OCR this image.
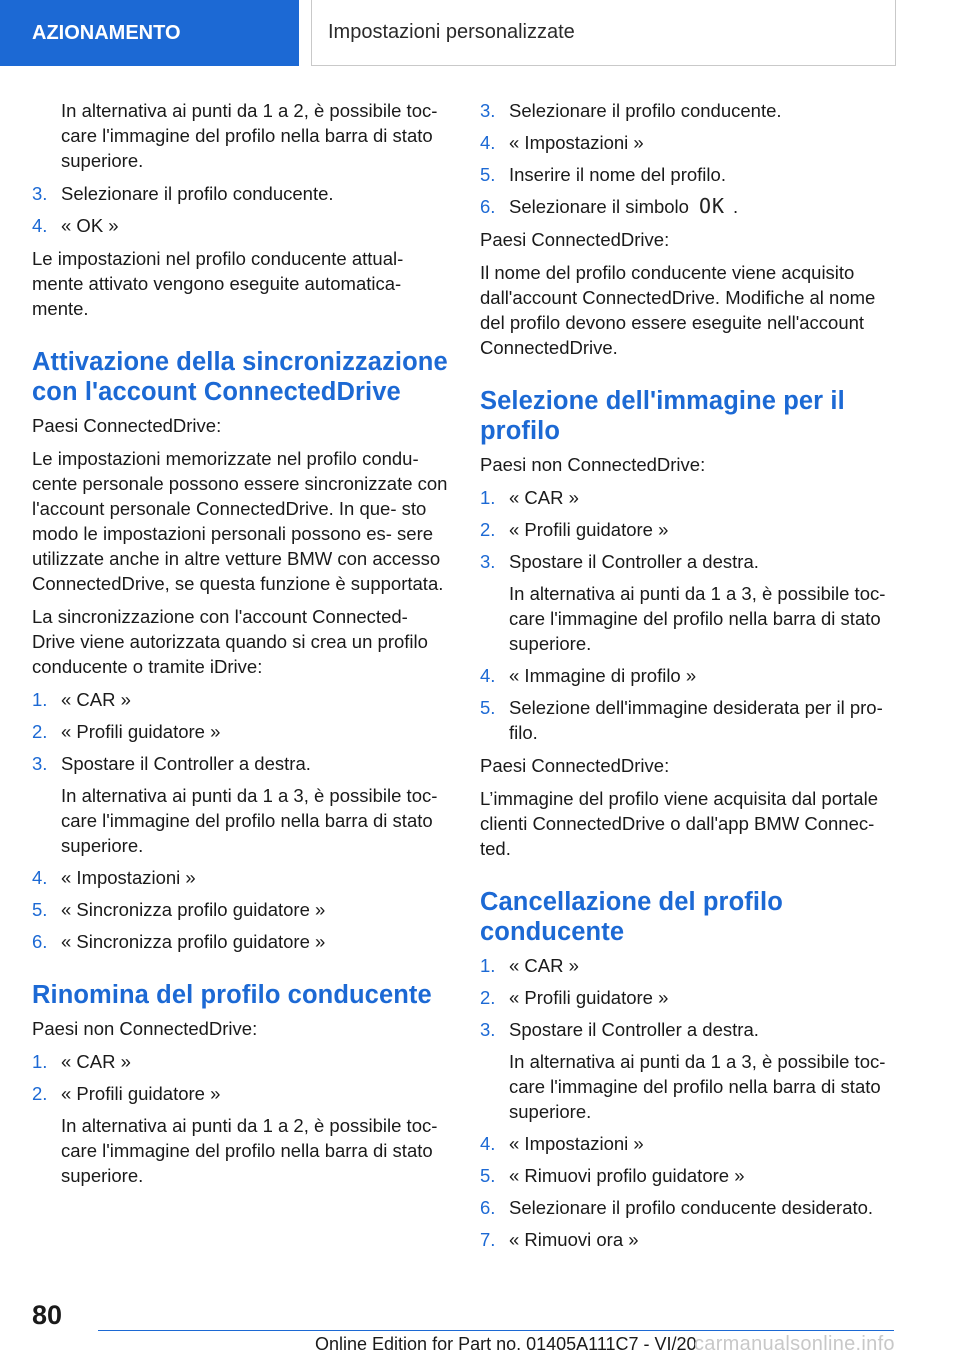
AZIONAMENTO	Impostazioni personalizzate

In alternativa ai punti da 1 a 2, è possibile toc- care l'immagine del profilo nella barra di stato superiore.

3. Selezionare il profilo conducente.
4. « OK »

Le impostazioni nel profilo conducente attual- mente attivato vengono eseguite automatica- mente.

Attivazione della sincronizzazione con l'account ConnectedDrive

Paesi ConnectedDrive:

Le impostazioni memorizzate nel profilo condu- cente personale possono essere sincronizzate con l'account personale ConnectedDrive. In que- sto modo le impostazioni personali possono es- sere utilizzate anche in altre vetture BMW con accesso ConnectedDrive, se questa funzione è supportata.

La sincronizzazione con l'account Connected- Drive viene autorizzata quando si crea un profilo conducente o tramite iDrive:

1. « CAR »
2. « Profili guidatore »
3. Spostare il Controller a destra.
In alternativa ai punti da 1 a 3, è possibile toc- care l'immagine del profilo nella barra di stato superiore.
4. « Impostazioni »
5. « Sincronizza profilo guidatore »
6. « Sincronizza profilo guidatore »
Rinomina del profilo conducente

Paesi non ConnectedDrive:

1. « CAR »
2. « Profili guidatore »
In alternativa ai punti da 1 a 2, è possibile toc- care l'immagine del profilo nella barra di stato superiore.
3. Selezionare il profilo conducente.
4. « Impostazioni »
5. Inserire il nome del profilo.
6. Selezionare il simbolo OK .

Paesi ConnectedDrive:

Il nome del profilo conducente viene acquisito dall'account ConnectedDrive. Modifiche al nome del profilo devono essere eseguite nell'account ConnectedDrive.

Selezione dell'immagine per il profilo

Paesi non ConnectedDrive:

1. « CAR »
2. « Profili guidatore »
3. Spostare il Controller a destra.
In alternativa ai punti da 1 a 3, è possibile toc- care l'immagine del profilo nella barra di stato superiore.
4. « Immagine di profilo »
5. Selezione dell'immagine desiderata per il pro- filo.

Paesi ConnectedDrive:

L’immagine del profilo viene acquisita dal portale clienti ConnectedDrive o dall'app BMW Connec- ted.

Cancellazione del profilo conducente
1. « CAR »
2. « Profili guidatore »
3. Spostare il Controller a destra.
In alternativa ai punti da 1 a 3, è possibile toc- care l'immagine del profilo nella barra di stato superiore.
4. « Impostazioni »
5. « Rimuovi profilo guidatore »
6. Selezionare il profilo conducente desiderato.
7. « Rimuovi ora »
80
Online Edition for Part no. 01405A111C7 - VI/20
carmanualsonline.info
